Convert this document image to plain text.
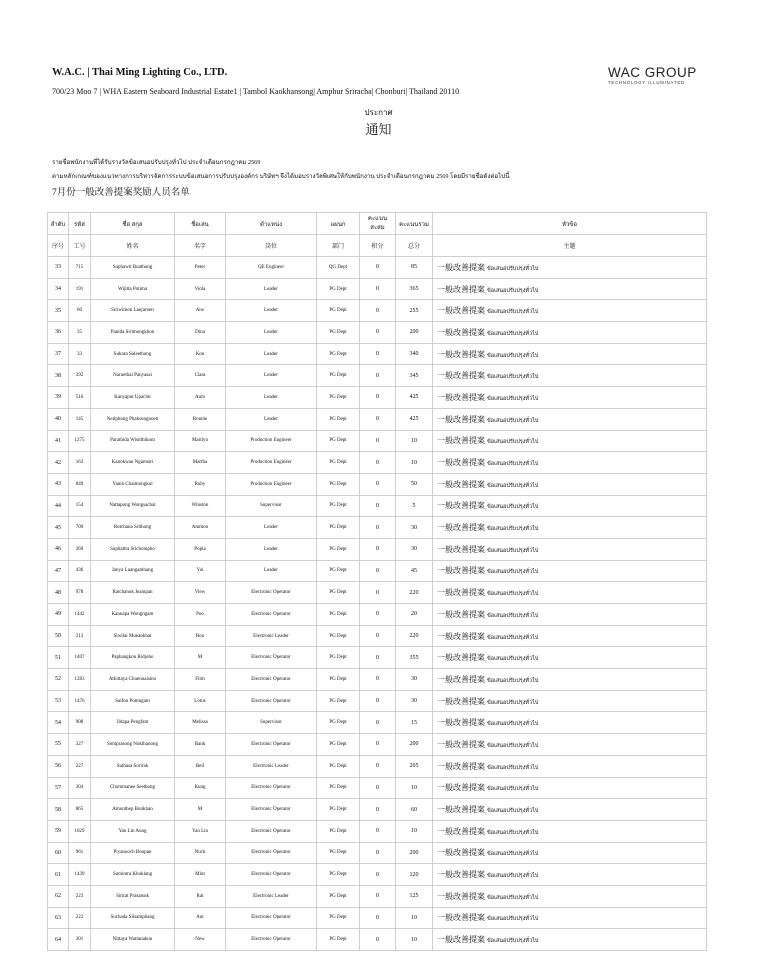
W.A.C. | Thai Ming Lighting Co., LTD.
700/23 Moo 7 | WHA Eastern Seaboard Industrial Estate1 | Tambol Kaokhansong| Amphur Sriracha| Chonburi| Thailand 20110
WAC GROUP
TECHNOLOGY ILLUMINATED
ประกาศ
通知
รายชื่อพนักงานที่ได้รับรางวัลข้อเสนอปรับปรุงทั่วไป ประจำเดือนกรกฎาคม 2569
ตามหลักเกณฑ์ของแนวทางการบริหารจัดการระบบข้อเสนอการปรับปรุงองค์กร บริษัทฯ จึงได้มอบรางวัลพิเศษให้กับพนักงาน ประจำเดือนกรกฎาคม 2569 โดยมีรายชื่อดังต่อไปนี้
7月份一般改善提案奖励人员名单
ลำดับ	รหัส	ชื่อ สกุล	ชื่อเล่น	ตำแหน่ง	แผนก	คะแนน สะสม	คะแนนรวม	หัวข้อ
序号	工号	姓名	名字	岗位	部门	积分	总分	主题
33	715	Suphawit Buathong	Peter	QE Engineer	QG Dept	0	85	一般改善提案 ข้อเสนอปรับปรุงทั่วไป
34	191	Wijitta Potima	Viola	Leader	PG Dept	0	365	一般改善提案 ข้อเสนอปรับปรุงทั่วไป
35	60	Siriwimon Laojaroen	Aiw	Leader	PG Dept	0	255	一般改善提案 ข้อเสนอปรับปรุงทั่วไป
36	35	Panida Sirimongkhon	Dina	Leader	PG Dept	0	200	一般改善提案 ข้อเสนอปรับปรุงทั่วไป
37	33	Sukran Saleethong	Kon	Leader	PG Dept	0	340	一般改善提案 ข้อเสนอปรับปรุงทั่วไป
38	392	Naruethai Panyasai	Clara	Leader	PG Dept	0	345	一般改善提案 ข้อเสนอปรับปรุงทั่วไป
39	516	Kanyaput Upachit	Aom	Leader	PG Dept	0	425	一般改善提案 ข้อเสนอปรับปรุงทั่วไป
40	145	Netiphong Phaksungnoen	Ronnie	Leader	PG Dept	0	425	一般改善提案 ข้อเสนอปรับปรุงทั่วไป
41	1275	Parathida Wisitthikom	Marilyn	Production Engineer	PG Dept	0	10	一般改善提案 ข้อเสนอปรับปรุงทั่วไป
42	163	Kanokwan Ngamsiri	Martha	Production Engineer	PG Dept	0	10	一般改善提案 ข้อเสนอปรับปรุงทั่วไป
43	849	Yanin Chaimongkol	Ruby	Production Engineer	PG Dept	0	50	一般改善提案 ข้อเสนอปรับปรุงทั่วไป
44	154	Nattapong Wongsachai	Winston	Supervisor	PG Dept	0	5	一般改善提案 ข้อเสนอปรับปรุงทั่วไป
45	709	Rotchana Srithong	Ammon	Leader	PG Dept	0	30	一般改善提案 ข้อเสนอปรับปรุงทั่วไป
46	369	Suphattra Srichompho	Popla	Leader	PG Dept	0	30	一般改善提案 ข้อเสนอปรับปรุงทั่วไป
47	436	Janya Luangamhang	Yui	Leader	PG Dept	0	45	一般改善提案 ข้อเสนอปรับปรุงทั่วไป
48	978	Ratchanok Jeampan	View	Electronic Operator	PG Dept	0	220	一般改善提案 ข้อเสนอปรับปรุงทั่วไป
49	1442	Kannapa Wongngam	Poo	Electronic Operator	PG Dept	0	20	一般改善提案 ข้อเสนอปรับปรุงทั่วไป
50	213	Siwilai Mueankhat	Bou	Electronic Leader	PG Dept	0	220	一般改善提案 ข้อเสนอปรับปรุงทั่วไป
51	1407	Paphangkon Ridjoho	M	Electronic Operator	PG Dept	0	355	一般改善提案 ข้อเสนอปรับปรุงทั่วไป
52	1283	Athittaya Chuennaisino	Film	Electronic Operator	PG Dept	0	30	一般改善提案 ข้อเสนอปรับปรุงทั่วไป
53	1476	Saifon Pomngam	Lotus	Electronic Operator	PG Dept	0	30	一般改善提案 ข้อเสนอปรับปรุงทั่วไป
54	908	Jidapa Pengfam	Melissa	Supervisor	PG Dept	0	15	一般改善提案 ข้อเสนอปรับปรุงทั่วไป
55	327	Somprasong Nokthanong	Bank	Electronic Operator	PG Dept	0	200	一般改善提案 ข้อเสนอปรับปรุงทั่วไป
56	227	Suthasa Sorirak	Bell	Electronic Leader	PG Dept	0	205	一般改善提案 ข้อเสนอปรับปรุงทั่วไป
57	304	Chommanee Seethong	Kung	Electronic Operator	PG Dept	0	10	一般改善提案 ข้อเสนอปรับปรุงทั่วไป
58	865	Amonthep Bunkhan	M	Electronic Operator	PG Dept	0	60	一般改善提案 ข้อเสนอปรับปรุงทั่วไป
59	1029	Yan Lin Aung	Yan Lin	Electronic Operator	PG Dept	0	10	一般改善提案 ข้อเสนอปรับปรุงทั่วไป
60	961	Piyanooch Boopan	Nuch	Electronic Operator	PG Dept	0	200	一般改善提案 ข้อเสนอปรับปรุงทั่วไป
61	1439	Sumintra Khuklang	Mint	Electronic Operator	PG Dept	0	120	一般改善提案 ข้อเสนอปรับปรุงทั่วไป
62	223	Sirirat Prasatsuk	Rat	Electronic Leader	PG Dept	0	125	一般改善提案 ข้อเสนอปรับปรุงทั่วไป
63	222	Suchada Silsamphang	Aor	Electronic Operator	PG Dept	0	10	一般改善提案 ข้อเสนอปรับปรุงทั่วไป
64	301	Nittaya Wattanakun	New	Electronic Operator	PG Dept	0	10	一般改善提案 ข้อเสนอปรับปรุงทั่วไป
